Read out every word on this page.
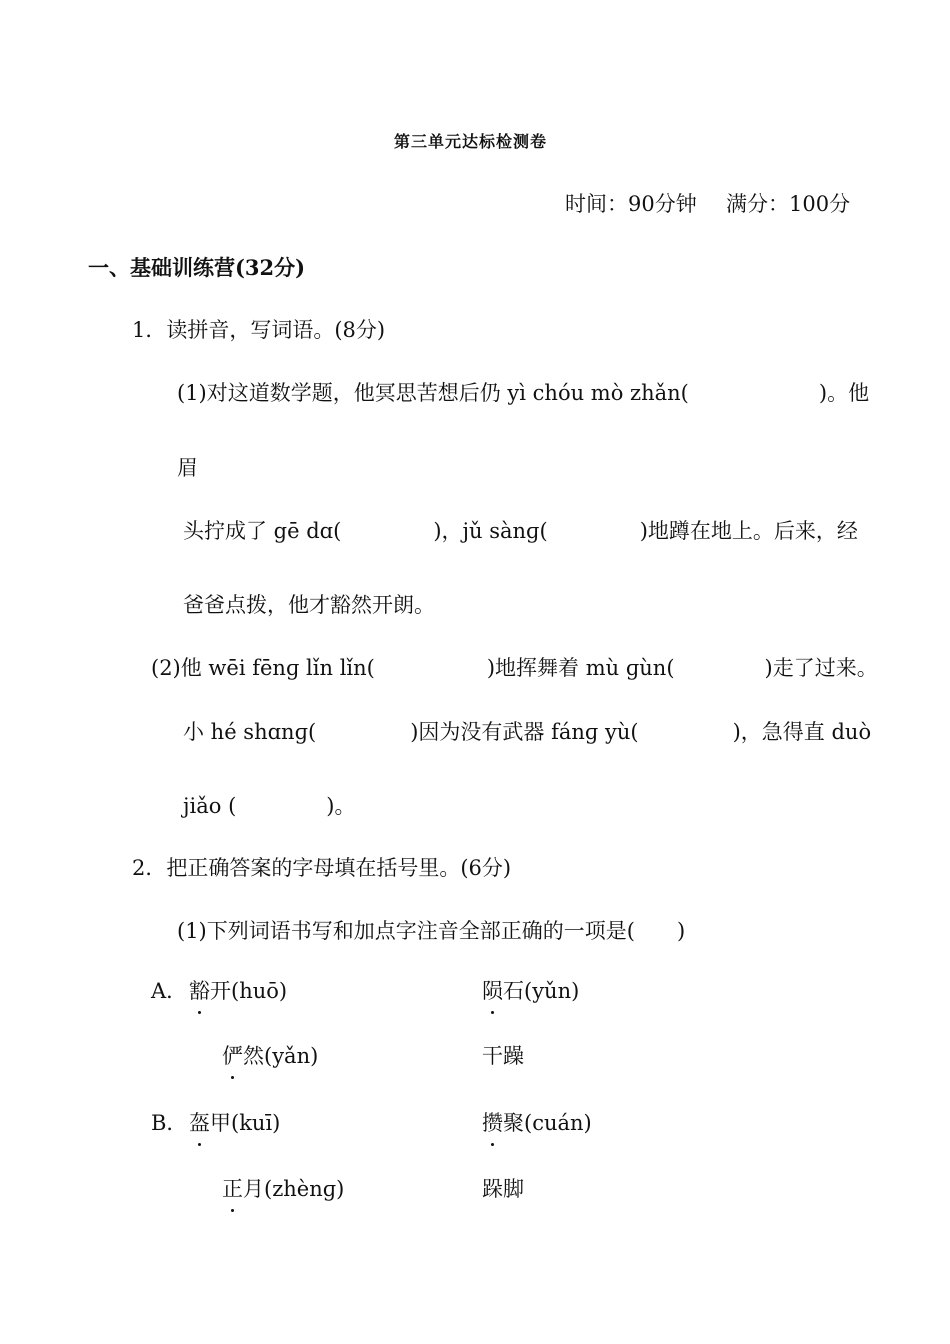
第三单元达标检测卷
时间：90分钟 满分：100分
一、基础训练营(32分)
1．读拼音，写词语。(8分)
(1)对这道数学题，他冥思苦想后仍 yì chóu mò zhǎn(	)。他
眉
头拧成了 gē dɑ(	)，jǔ sànɡ(	)地蹲在地上。后来，经
爸爸点拨，他才豁然开朗。
(2)他 wēi fēnɡ lǐn lǐn(	)地挥舞着 mù ɡùn(	)走了过来。
小 hé shɑnɡ(	)因为没有武器 fánɡ yù(	)，急得直 duò
jiǎo (	)。
2．把正确答案的字母填在括号里。(6分)
(1)下列词语书写和加点字注音全部正确的一项是( )
A． 豁开(huō)	陨石(yǔn)
俨然(yǎn)	干躁
B． 盔甲(kuī)	攒聚(cuán)
正月(zhènɡ)	跺脚
